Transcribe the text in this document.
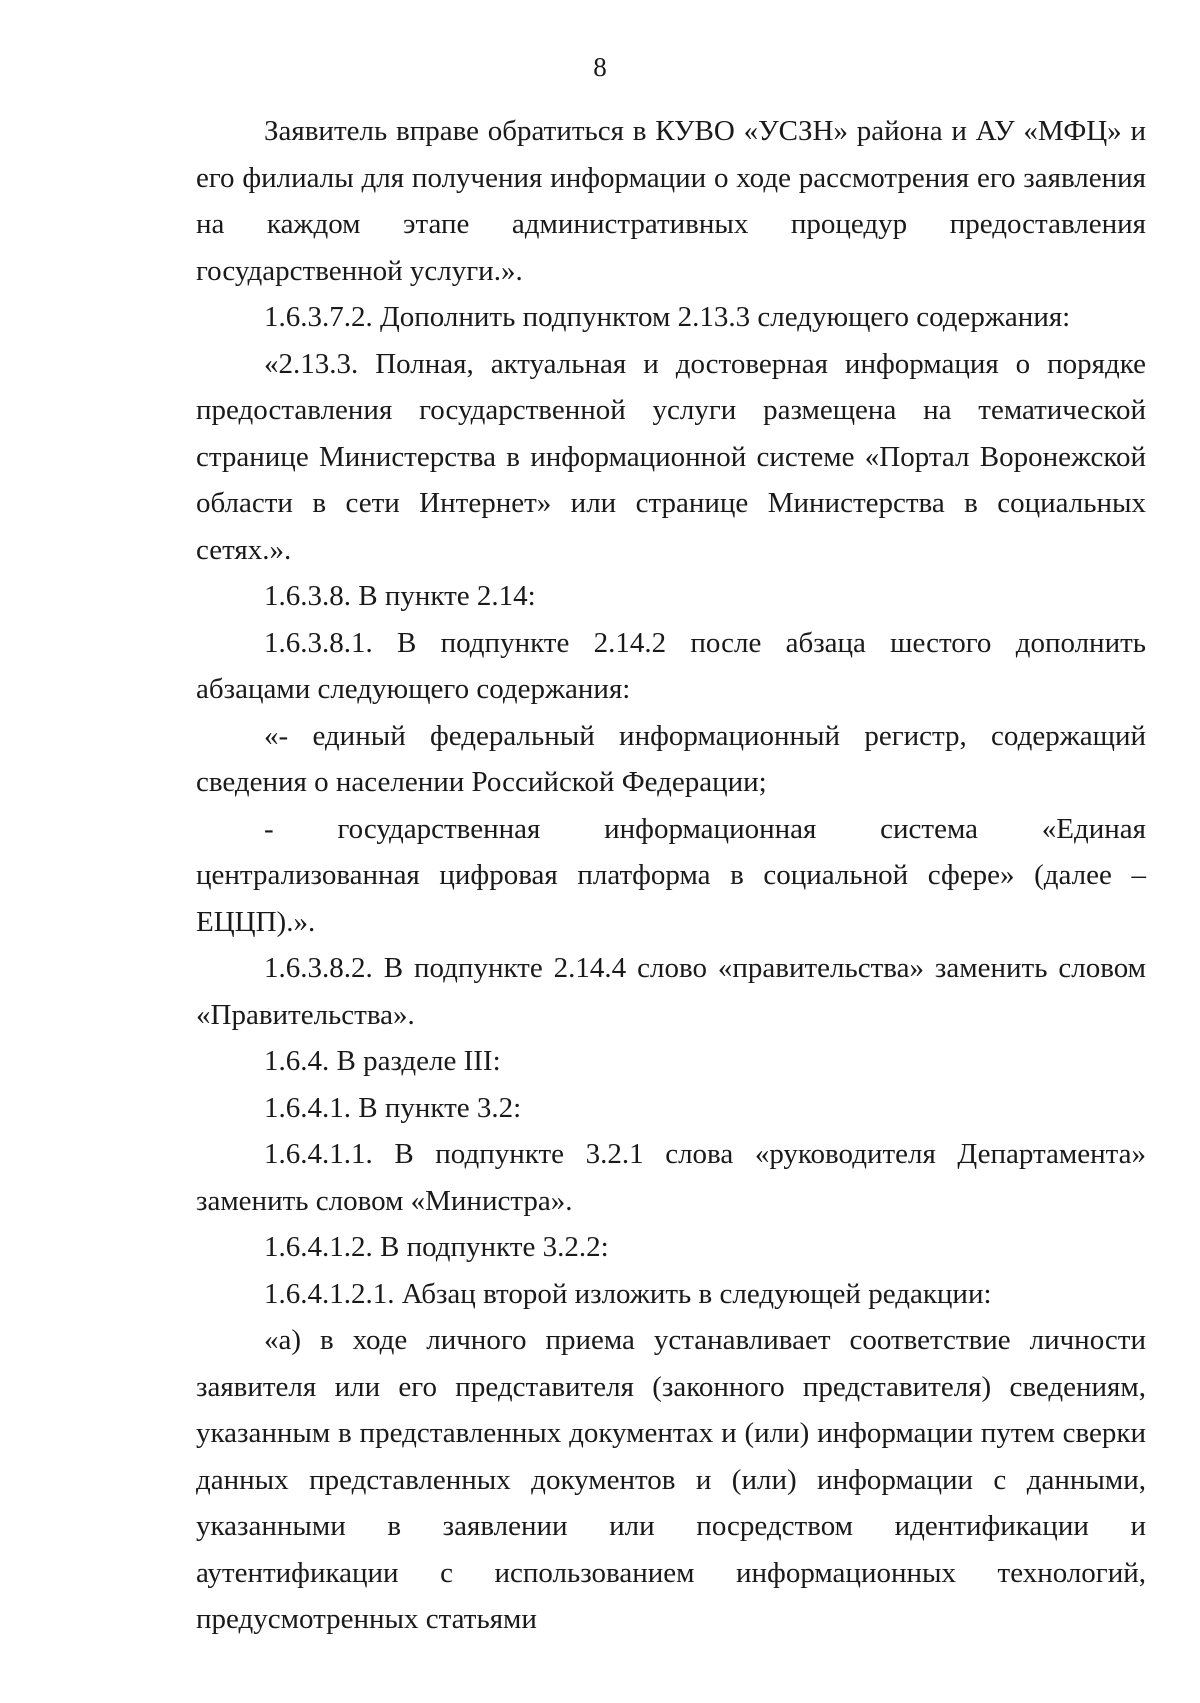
8

Заявитель вправе обратиться в КУВО «УСЗН» района и АУ «МФЦ» и его филиалы для получения информации о ходе рассмотрения его заявления на каждом этапе административных процедур предоставления государственной услуги.».

1.6.3.7.2. Дополнить подпунктом 2.13.3 следующего содержания:

«2.13.3. Полная, актуальная и достоверная информация о порядке предоставления государственной услуги размещена на тематической странице Министерства в информационной системе «Портал Воронежской области в сети Интернет» или странице Министерства в социальных сетях.».

1.6.3.8. В пункте 2.14:

1.6.3.8.1. В подпункте 2.14.2 после абзаца шестого дополнить абзацами следующего содержания:

«- единый федеральный информационный регистр, содержащий сведения о населении Российской Федерации;

- государственная информационная система «Единая централизованная цифровая платформа в социальной сфере» (далее – ЕЦЦП).».

1.6.3.8.2. В подпункте 2.14.4 слово «правительства» заменить словом «Правительства».

1.6.4. В разделе III:

1.6.4.1. В пункте 3.2:

1.6.4.1.1. В подпункте 3.2.1 слова «руководителя Департамента» заменить словом «Министра».

1.6.4.1.2. В подпункте 3.2.2:

1.6.4.1.2.1. Абзац второй изложить в следующей редакции:

«а) в ходе личного приема устанавливает соответствие личности заявителя или его представителя (законного представителя) сведениям, указанным в представленных документах и (или) информации путем сверки данных представленных документов и (или) информации с данными, указанными в заявлении или посредством идентификации и аутентификации с использованием информационных технологий, предусмотренных статьями
